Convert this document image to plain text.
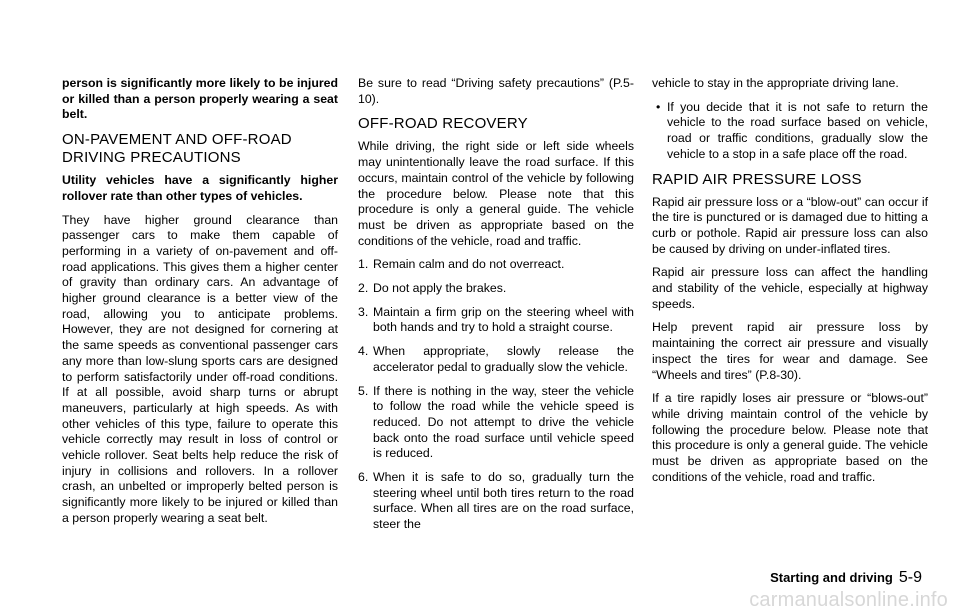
person is significantly more likely to be injured or killed than a person properly wearing a seat belt.

ON-PAVEMENT AND OFF-ROAD DRIVING PRECAUTIONS

Utility vehicles have a significantly higher rollover rate than other types of vehicles.

They have higher ground clearance than passenger cars to make them capable of performing in a variety of on-pavement and off-road applications. This gives them a higher center of gravity than ordinary cars. An advantage of higher ground clearance is a better view of the road, allowing you to anticipate problems. However, they are not designed for cornering at the same speeds as conventional passenger cars any more than low-slung sports cars are designed to perform satisfactorily under off-road conditions. If at all possible, avoid sharp turns or abrupt maneuvers, particularly at high speeds. As with other vehicles of this type, failure to operate this vehicle correctly may result in loss of control or vehicle rollover. Seat belts help reduce the risk of injury in collisions and rollovers. In a rollover crash, an unbelted or improperly belted person is significantly more likely to be injured or killed than a person properly wearing a seat belt.

Be sure to read “Driving safety precautions” (P.5-10).

OFF-ROAD RECOVERY

While driving, the right side or left side wheels may unintentionally leave the road surface. If this occurs, maintain control of the vehicle by following the procedure below. Please note that this procedure is only a general guide. The vehicle must be driven as appropriate based on the conditions of the vehicle, road and traffic.

1. Remain calm and do not overreact.
2. Do not apply the brakes.
3. Maintain a firm grip on the steering wheel with both hands and try to hold a straight course.
4. When appropriate, slowly release the accelerator pedal to gradually slow the vehicle.
5. If there is nothing in the way, steer the vehicle to follow the road while the vehicle speed is reduced. Do not attempt to drive the vehicle back onto the road surface until vehicle speed is reduced.
6. When it is safe to do so, gradually turn the steering wheel until both tires return to the road surface. When all tires are on the road surface, steer the

vehicle to stay in the appropriate driving lane.

• If you decide that it is not safe to return the vehicle to the road surface based on vehicle, road or traffic conditions, gradually slow the vehicle to a stop in a safe place off the road.
RAPID AIR PRESSURE LOSS

Rapid air pressure loss or a “blow-out” can occur if the tire is punctured or is damaged due to hitting a curb or pothole. Rapid air pressure loss can also be caused by driving on under-inflated tires.

Rapid air pressure loss can affect the handling and stability of the vehicle, especially at highway speeds.

Help prevent rapid air pressure loss by maintaining the correct air pressure and visually inspect the tires for wear and damage. See “Wheels and tires” (P.8-30).

If a tire rapidly loses air pressure or “blows-out” while driving maintain control of the vehicle by following the procedure below. Please note that this procedure is only a general guide. The vehicle must be driven as appropriate based on the conditions of the vehicle, road and traffic.

Starting and driving 5-9
carmanualsonline.info
